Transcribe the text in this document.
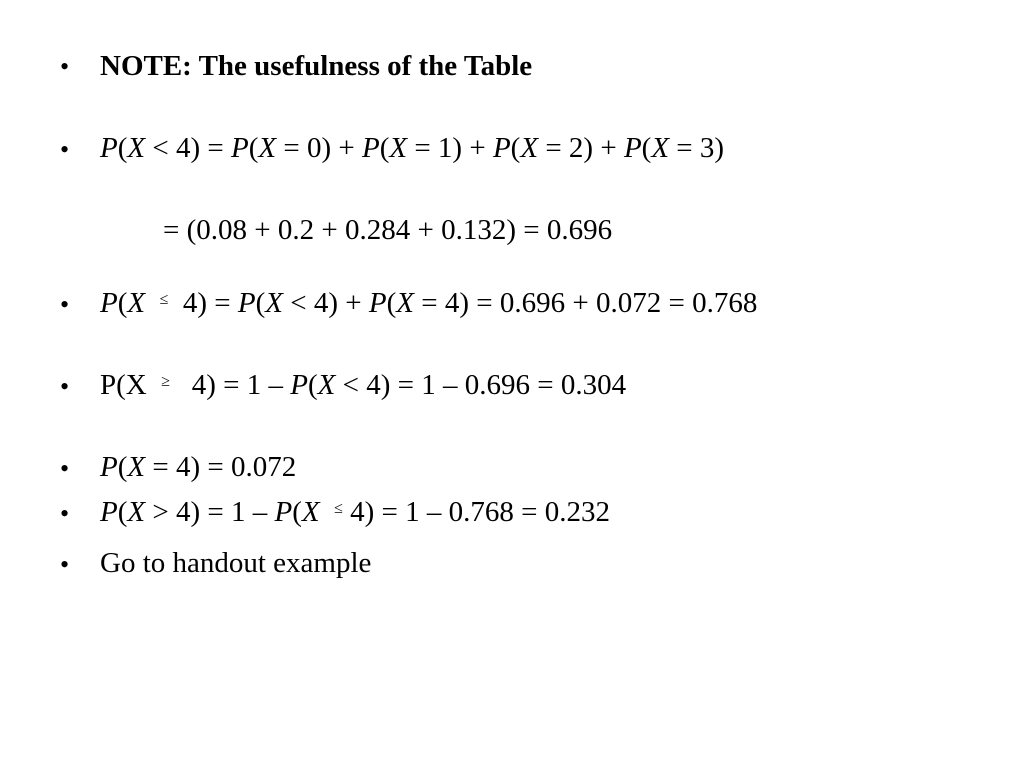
• NOTE: The usefulness of the Table
• P(X < 4) = P(X = 0) + P(X = 1) + P(X = 2) + P(X = 3)
= (0.08 + 0.2 + 0.284 + 0.132) = 0.696
• P(X ≤ 4) = P(X < 4) + P(X = 4) = 0.696 + 0.072 = 0.768
• P(X ≥ 4) = 1 – P(X < 4) = 1 – 0.696 = 0.304
• P(X = 4) = 0.072
• P(X > 4) = 1 – P(X ≤ 4) = 1 – 0.768 = 0.232
• Go to handout example
